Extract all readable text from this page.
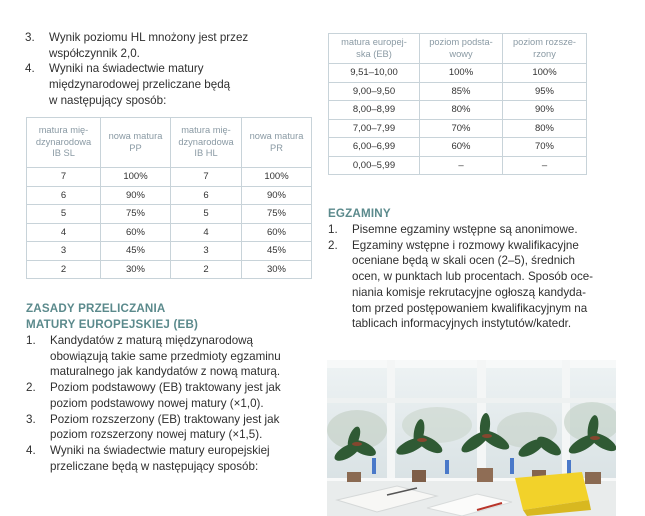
3. Wynik poziomu HL mnożony jest przez
współczynnik 2,0.
4. Wyniki na świadectwie matury
międzynarodowej przeliczane będą
w następujący sposób:
matura mię-
dzynarodowa
IB SL	nowa matura
PP	matura mię-
dzynarodowa
IB HL	nowa matura
PR
7	100%	7	100%
6	90%	6	90%
5	75%	5	75%
4	60%	4	60%
3	45%	3	45%
2	30%	2	30%
ZASADY PRZELICZANIA
MATURY EUROPEJSKIEJ (EB)
1. Kandydatów z maturą międzynarodową
obowiązują takie same przedmioty egzaminu
maturalnego jak kandydatów z nową maturą.
2. Poziom podstawowy (EB) traktowany jest jak
poziom podstawowy nowej matury (×1,0).
3. Poziom rozszerzony (EB) traktowany jest jak
poziom rozszerzony nowej matury (×1,5).
4. Wyniki na świadectwie matury europejskiej
przeliczane będą w następujący sposób:
matura europej-
ska (EB)	poziom podsta-
wowy	poziom rozsze-
rzony
9,51–10,00	100%	100%
9,00–9,50	85%	95%
8,00–8,99	80%	90%
7,00–7,99	70%	80%
6,00–6,99	60%	70%
0,00–5,99	–	–
EGZAMINY
1. Pisemne egzaminy wstępne są anonimowe.
2. Egzaminy wstępne i rozmowy kwalifikacyjne
oceniane będą w skali ocen (2–5), średnich
ocen, w punktach lub procentach. Sposób oce-
niania komisje rekrutacyjne ogłoszą kandyda-
tom przed postępowaniem kwalifikacyjnym na
tablicach informacyjnych instytutów/katedr.
